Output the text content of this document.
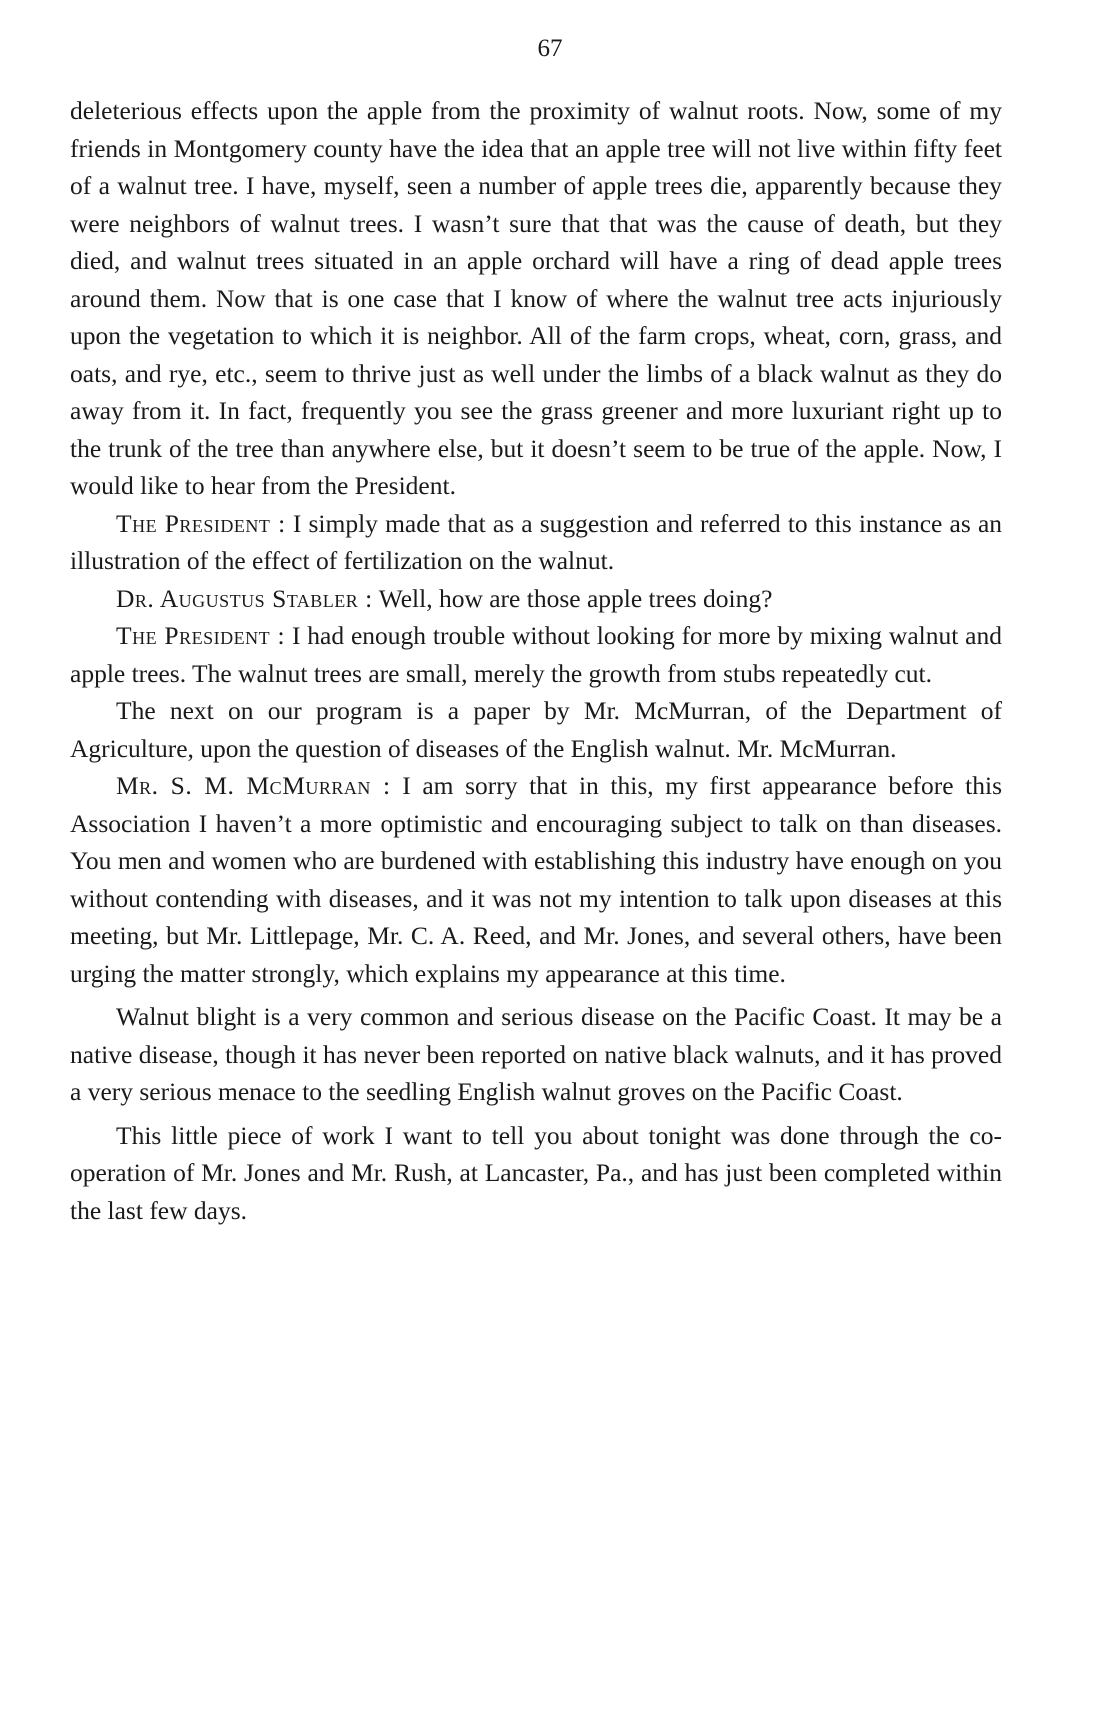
67

deleterious effects upon the apple from the proximity of walnut roots. Now, some of my friends in Montgomery county have the idea that an apple tree will not live within fifty feet of a walnut tree. I have, myself, seen a number of apple trees die, apparently because they were neighbors of walnut trees. I wasn’t sure that that was the cause of death, but they died, and walnut trees situated in an apple orchard will have a ring of dead apple trees around them. Now that is one case that I know of where the walnut tree acts injuriously upon the vegetation to which it is neighbor. All of the farm crops, wheat, corn, grass, and oats, and rye, etc., seem to thrive just as well under the limbs of a black walnut as they do away from it. In fact, frequently you see the grass greener and more luxuriant right up to the trunk of the tree than anywhere else, but it doesn’t seem to be true of the apple. Now, I would like to hear from the President.

The President : I simply made that as a suggestion and referred to this instance as an illustration of the effect of fertilization on the walnut.

Dr. Augustus Stabler : Well, how are those apple trees doing?

The President : I had enough trouble without looking for more by mixing walnut and apple trees. The walnut trees are small, merely the growth from stubs repeatedly cut.

The next on our program is a paper by Mr. McMurran, of the Department of Agriculture, upon the question of diseases of the English walnut. Mr. McMurran.

Mr. S. M. McMurran : I am sorry that in this, my first appearance before this Association I haven’t a more optimistic and encouraging subject to talk on than diseases. You men and women who are burdened with establishing this industry have enough on you without contending with diseases, and it was not my intention to talk upon diseases at this meeting, but Mr. Littlepage, Mr. C. A. Reed, and Mr. Jones, and several others, have been urging the matter strongly, which explains my appearance at this time.

Walnut blight is a very common and serious disease on the Pacific Coast. It may be a native disease, though it has never been reported on native black walnuts, and it has proved a very serious menace to the seedling English walnut groves on the Pacific Coast.

This little piece of work I want to tell you about tonight was done through the co-operation of Mr. Jones and Mr. Rush, at Lancaster, Pa., and has just been completed within the last few days.
